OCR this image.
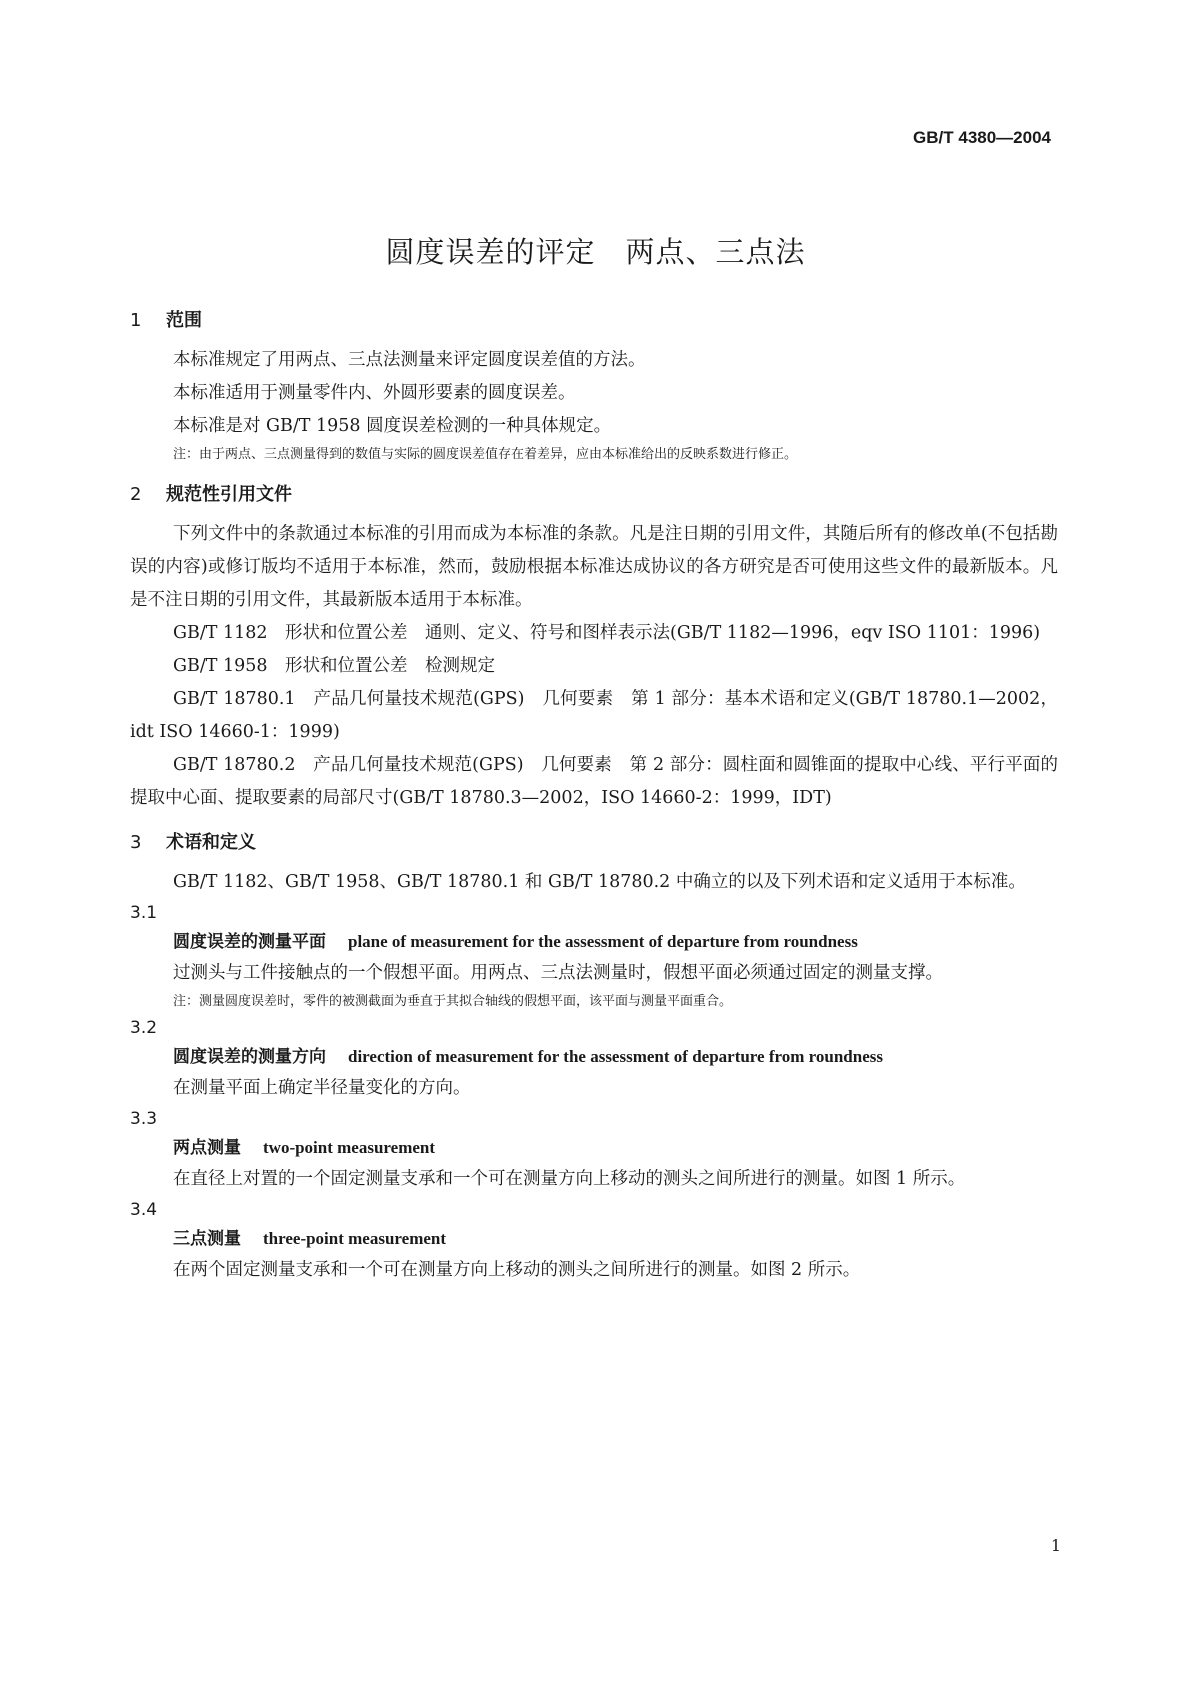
GB/T 4380—2004
圆度误差的评定　两点、三点法
1 范围

本标准规定了用两点、三点法测量来评定圆度误差值的方法。

本标准适用于测量零件内、外圆形要素的圆度误差。

本标准是对 GB/T 1958 圆度误差检测的一种具体规定。

注：由于两点、三点测量得到的数值与实际的圆度误差值存在着差异，应由本标准给出的反映系数进行修正。

2 规范性引用文件

下列文件中的条款通过本标准的引用而成为本标准的条款。凡是注日期的引用文件，其随后所有的修改单(不包括勘误的内容)或修订版均不适用于本标准，然而，鼓励根据本标准达成协议的各方研究是否可使用这些文件的最新版本。凡是不注日期的引用文件，其最新版本适用于本标准。

GB/T 1182　形状和位置公差　通则、定义、符号和图样表示法(GB/T 1182—1996，eqv ISO 1101：1996)

GB/T 1958　形状和位置公差　检测规定

GB/T 18780.1　产品几何量技术规范(GPS)　几何要素　第 1 部分：基本术语和定义(GB/T 18780.1—2002，idt ISO 14660-1：1999)

GB/T 18780.2　产品几何量技术规范(GPS)　几何要素　第 2 部分：圆柱面和圆锥面的提取中心线、平行平面的提取中心面、提取要素的局部尺寸(GB/T 18780.3—2002，ISO 14660-2：1999，IDT)

3 术语和定义

GB/T 1182、GB/T 1958、GB/T 18780.1 和 GB/T 18780.2 中确立的以及下列术语和定义适用于本标准。

3.1
圆度误差的测量平面 plane of measurement for the assessment of departure from roundness

过测头与工件接触点的一个假想平面。用两点、三点法测量时，假想平面必须通过固定的测量支撑。

注：测量圆度误差时，零件的被测截面为垂直于其拟合轴线的假想平面，该平面与测量平面重合。

3.2
圆度误差的测量方向 direction of measurement for the assessment of departure from roundness

在测量平面上确定半径量变化的方向。

3.3
两点测量 two-point measurement

在直径上对置的一个固定测量支承和一个可在测量方向上移动的测头之间所进行的测量。如图 1 所示。

3.4
三点测量 three-point measurement

在两个固定测量支承和一个可在测量方向上移动的测头之间所进行的测量。如图 2 所示。

1
